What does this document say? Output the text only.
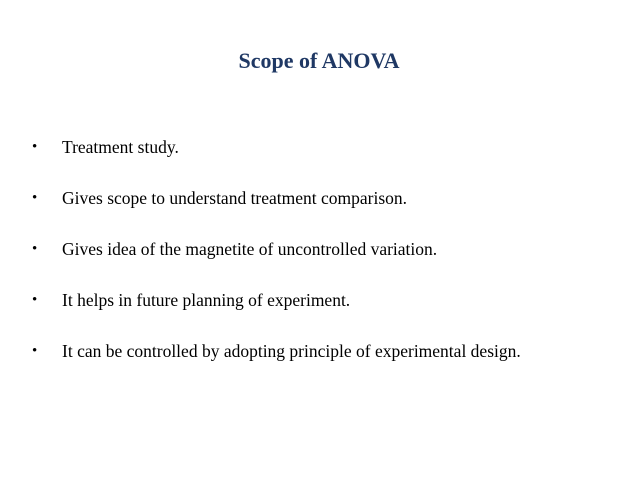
Scope of ANOVA
• Treatment study.
• Gives scope to understand treatment comparison.
• Gives idea of the magnetite of uncontrolled variation.
• It helps in future planning of experiment.
•	It can be controlled by adopting principle of experimental design.
